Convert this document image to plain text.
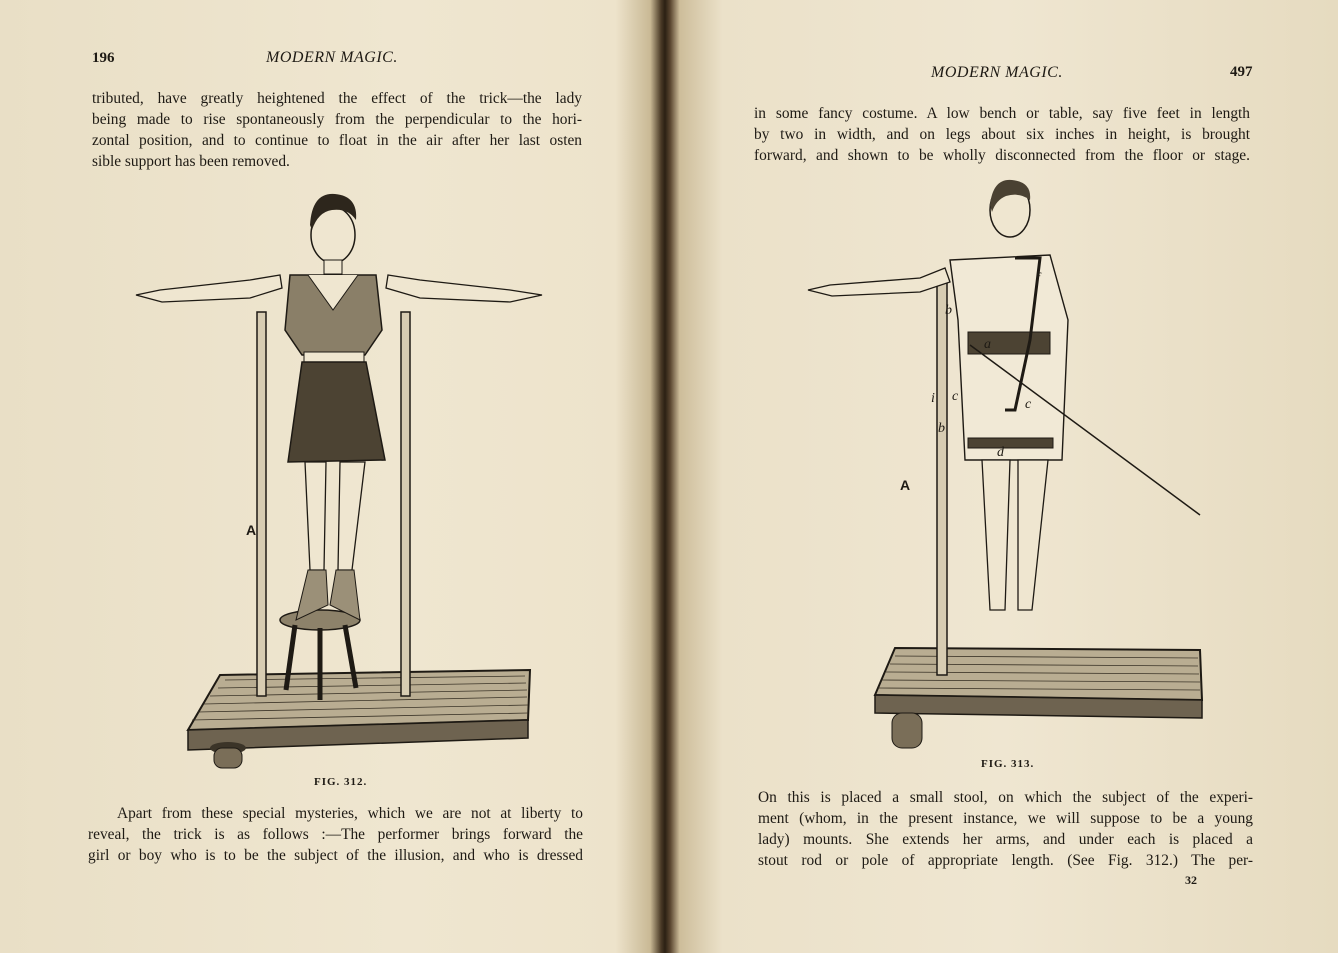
196	MODERN MAGIC.
tributed, have greatly heightened the effect of the trick—the lady
being made to rise spontaneously from the perpendicular to the hori-
zontal position, and to continue to float in the air after her last osten
sible support has been removed.
A
FIG. 312.
Apart from these special mysteries, which we are not at liberty to
reveal, the trick is as follows :—The performer brings forward the
girl or boy who is to be the subject of the illusion, and who is dressed
MODERN MAGIC.	497
in some fancy costume. A low bench or table, say five feet in length
by two in width, and on legs about six inches in height, is brought
forward, and shown to be wholly disconnected from the floor or stage.
a
b
c
c
d
f
i
b
A
FIG. 313.
On this is placed a small stool, on which the subject of the experi-
ment (whom, in the present instance, we will suppose to be a young
lady) mounts. She extends her arms, and under each is placed a
stout rod or pole of appropriate length. (See Fig. 312.) The per-
32
